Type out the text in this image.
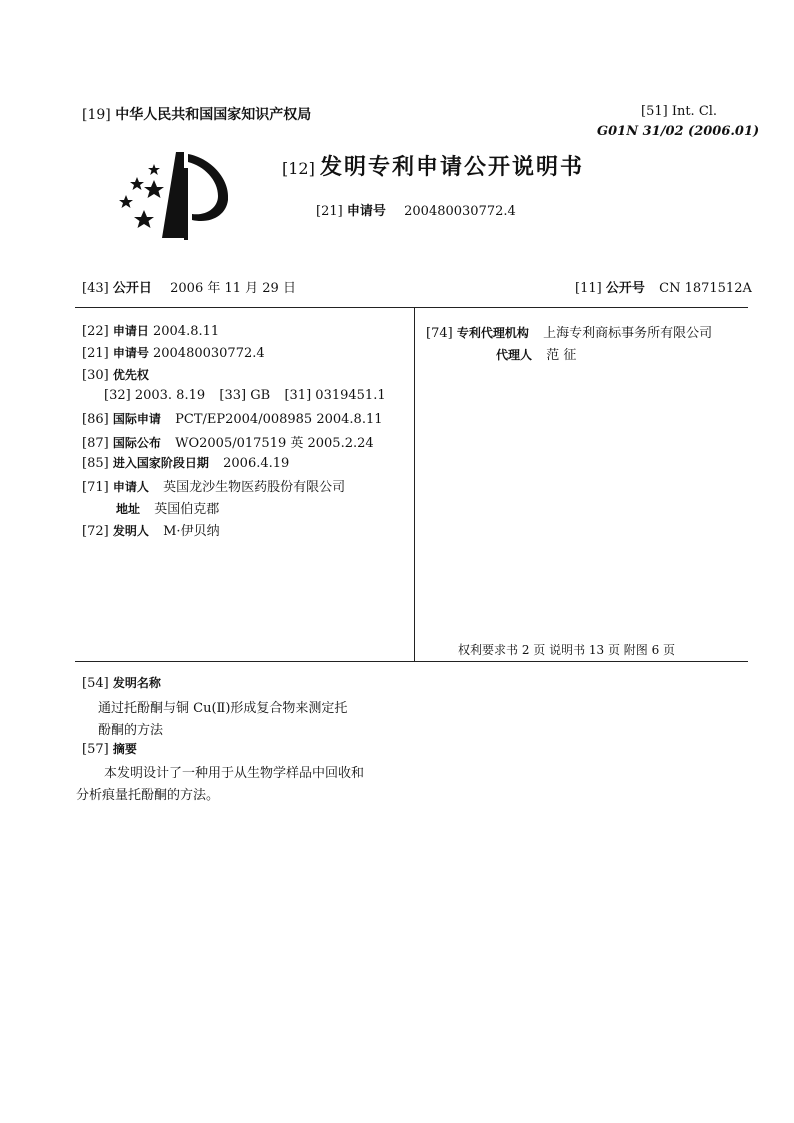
[19] 中华人民共和国国家知识产权局	[51] Int. Cl.
G01N 31/02 (2006.01)
[12] 发明专利申请公开说明书
[21] 申请号 200480030772.4
[43] 公开日 2006 年 11 月 29 日	[11] 公开号 CN 1871512A
[22] 申请日 2004.8.11
[21] 申请号 200480030772.4
[30] 优先权
[32] 2003. 8.19 [33] GB [31] 0319451.1
[86] 国际申请 PCT/EP2004/008985 2004.8.11
[87] 国际公布 WO2005/017519 英 2005.2.24
[85] 进入国家阶段日期 2006.4.19
[71] 申请人 英国龙沙生物医药股份有限公司
地址 英国伯克郡
[72] 发明人 M·伊贝纳
[74] 专利代理机构 上海专利商标事务所有限公司
代理人 范 征
权利要求书 2 页 说明书 13 页 附图 6 页
[54] 发明名称
通过托酚酮与铜 Cu(Ⅱ)形成复合物来测定托
酚酮的方法
[57] 摘要
本发明设计了一种用于从生物学样品中回收和
分析痕量托酚酮的方法。
